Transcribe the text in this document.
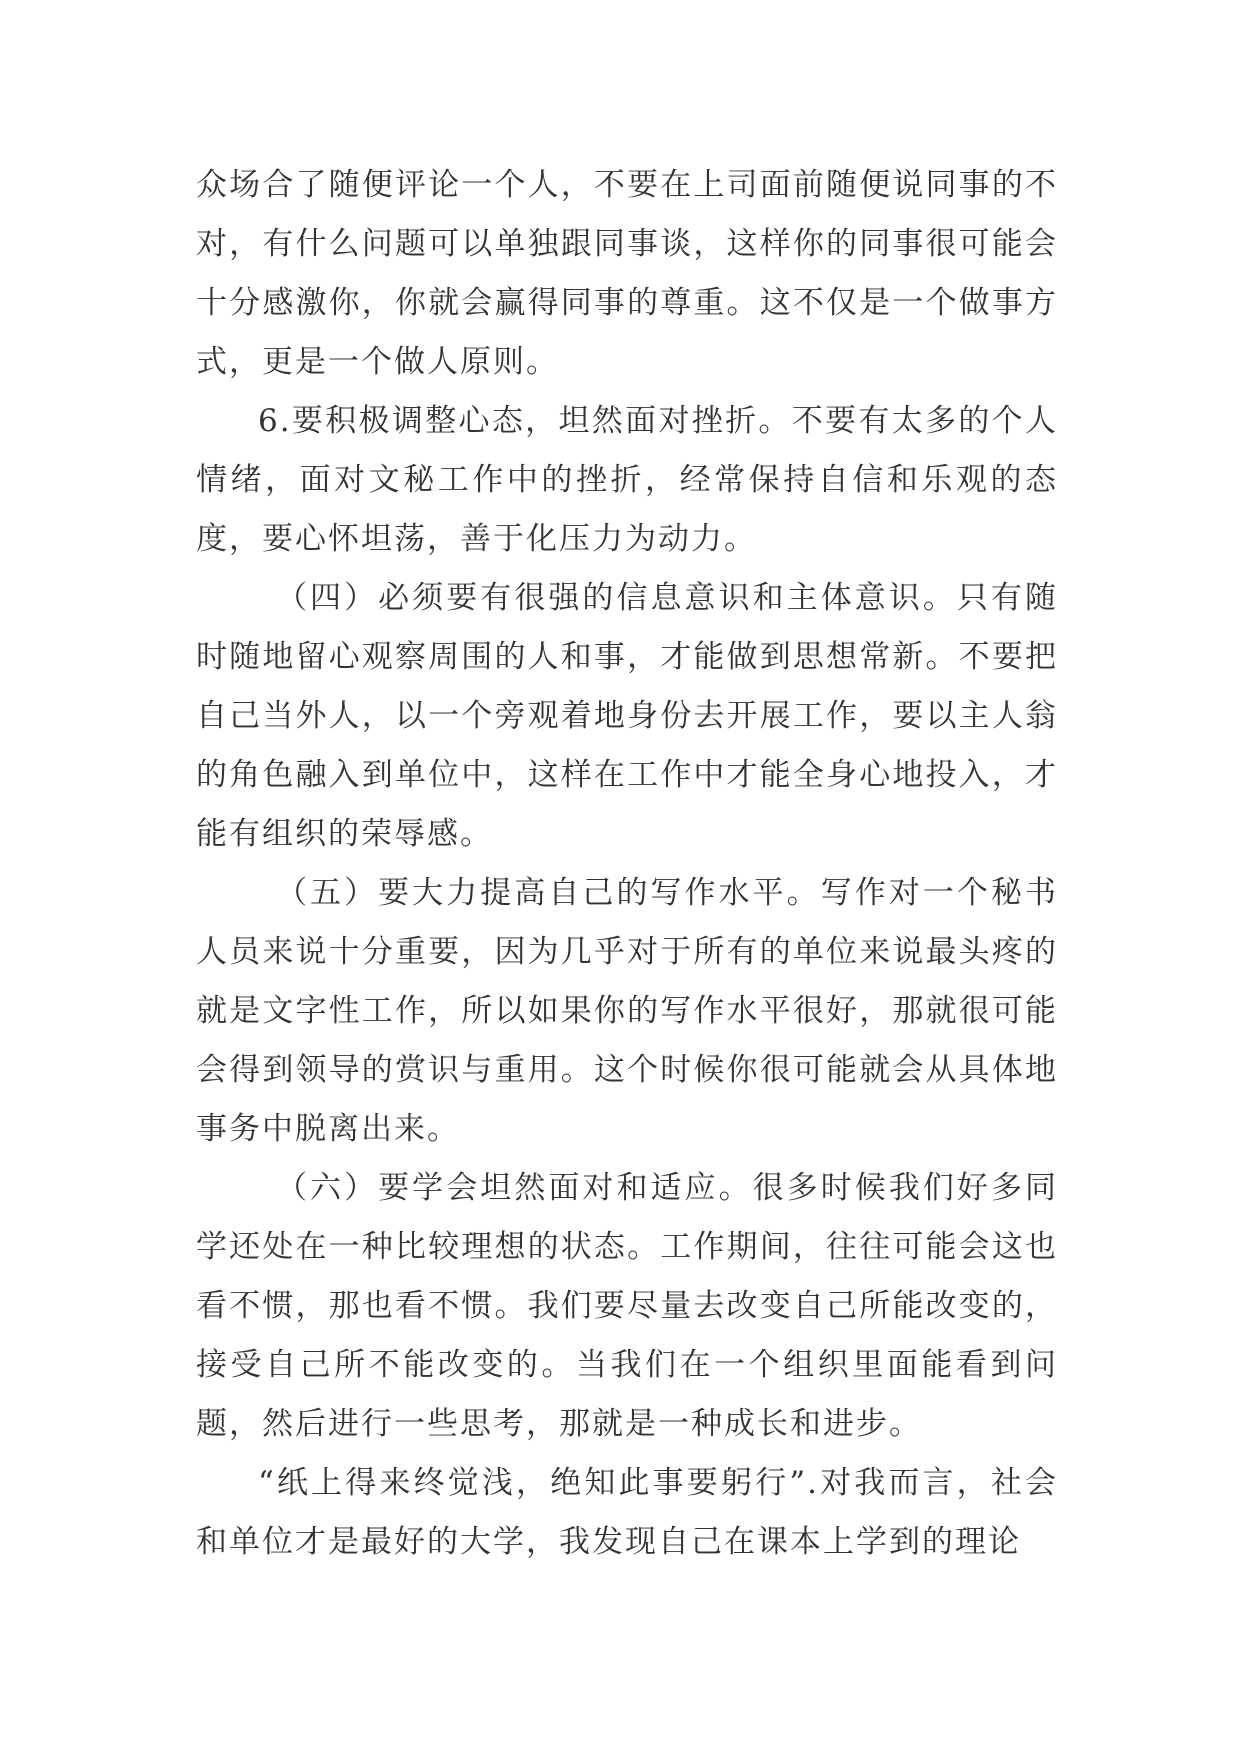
众场合了随便评论一个人，不要在上司面前随便说同事的不对，有什么问题可以单独跟同事谈，这样你的同事很可能会十分感激你，你就会赢得同事的尊重。这不仅是一个做事方式，更是一个做人原则。

6.要积极调整心态，坦然面对挫折。不要有太多的个人情绪，面对文秘工作中的挫折，经常保持自信和乐观的态度，要心怀坦荡，善于化压力为动力。

（四）必须要有很强的信息意识和主体意识。只有随时随地留心观察周围的人和事，才能做到思想常新。不要把自己当外人，以一个旁观着地身份去开展工作，要以主人翁的角色融入到单位中，这样在工作中才能全身心地投入，才能有组织的荣辱感。

（五）要大力提高自己的写作水平。写作对一个秘书人员来说十分重要，因为几乎对于所有的单位来说最头疼的就是文字性工作，所以如果你的写作水平很好，那就很可能会得到领导的赏识与重用。这个时候你很可能就会从具体地事务中脱离出来。

（六）要学会坦然面对和适应。很多时候我们好多同学还处在一种比较理想的状态。工作期间，往往可能会这也看不惯，那也看不惯。我们要尽量去改变自己所能改变的，接受自己所不能改变的。当我们在一个组织里面能看到问题，然后进行一些思考，那就是一种成长和进步。

“纸上得来终觉浅，绝知此事要躬行”.对我而言，社会和单位才是最好的大学，我发现自己在课本上学到的理论
